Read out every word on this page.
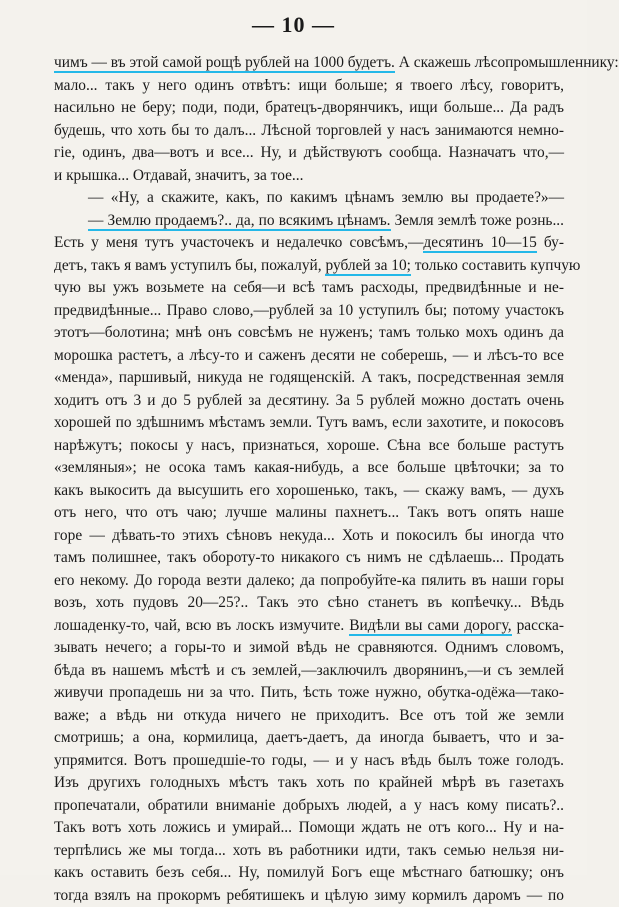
— 10 —
чимъ — въ этой самой рощѣ рублей на 1000 будетъ. А скажешь лѣсопромышленнику:
мало... такъ у него одинъ отвѣтъ: ищи больше; я твоего лѣсу, говоритъ,
насильно не беру; поди, поди, братецъ-дворянчикъ, ищи больше... Да радъ
будешь, что хоть бы то далъ... Лѣсной торговлей у насъ занимаются немно-
гіе, одинъ, два—вотъ и все... Ну, и дѣйствуютъ сообща. Назначатъ что,—
и крышка... Отдавай, значитъ, за тое...
— «Ну, а скажите, какъ, по какимъ цѣнамъ землю вы продаете?»—
— Землю продаемъ?.. да, по всякимъ цѣнамъ. Земля землѣ тоже рознь...
Есть у меня тутъ участочекъ и недалечко совсѣмъ,—десятинъ 10—15 бу-
детъ, такъ я вамъ уступилъ бы, пожалуй, рублей за 10; только составить купчую
чую вы ужъ возьмете на себя—и всѣ тамъ расходы, предвидѣнные и не-
предвидѣнные... Право слово,—рублей за 10 уступилъ бы; потому участокъ
этотъ—болотина; мнѣ онъ совсѣмъ не нуженъ; тамъ только мохъ одинъ да
морошка растетъ, а лѣсу-то и саженъ десяти не соберешь, — и лѣсъ-то все
«менда», паршивый, никуда не годященскій. А такъ, посредственная земля
ходитъ отъ 3 и до 5 рублей за десятину. За 5 рублей можно достать очень
хорошей по здѣшнимъ мѣстамъ земли. Тутъ вамъ, если захотите, и покосовъ
нарѣжутъ; покосы у насъ, признаться, хороше. Сѣна все больше растутъ
«земляныя»; не осока тамъ какая-нибудь, а все больше цвѣточки; за то
какъ выкосить да высушить его хорошенько, такъ, — скажу вамъ, — духъ
отъ него, что отъ чаю; лучше малины пахнетъ... Такъ вотъ опять наше
горе — дѣвать-то этихъ сѣновъ некуда... Хоть и покосилъ бы иногда что
тамъ полишнее, такъ обороту-то никакого съ нимъ не сдѣлаешь... Продать
его некому. До города везти далеко; да попробуйте-ка пялить въ наши горы
возъ, хоть пудовъ 20—25?.. Такъ это сѣно станетъ въ копѣечку... Вѣдь
лошаденку-то, чай, всю въ лоскъ измучите. Видѣли вы сами дорогу, расска-
зывать нечего; а горы-то и зимой вѣдь не сравняются. Однимъ словомъ,
бѣда въ нашемъ мѣстѣ и съ землей,—заключилъ дворянинъ,—и съ землей
живучи пропадешь ни за что. Пить, ѣсть тоже нужно, обутка-одёжа—тако-
важе; а вѣдь ни откуда ничего не приходитъ. Все отъ той же земли
смотришь; а она, кормилица, даетъ-даетъ, да иногда бываетъ, что и за-
упрямится. Вотъ прошедшіе-то годы, — и у насъ вѣдь былъ тоже голодъ.
Изъ другихъ голодныхъ мѣстъ такъ хоть по крайней мѣрѣ въ газетахъ
пропечатали, обратили вниманіе добрыхъ людей, а у насъ кому писать?..
Такъ вотъ хоть ложись и умирай... Помощи ждать не отъ кого... Ну и на-
терпѣлись же мы тогда... хоть въ работники идти, такъ семью нельзя ни-
какъ оставить безъ себя... Ну, помилуй Богъ еще мѣстнаго батюшку; онъ
тогда взялъ на прокормъ ребятишекъ и цѣлую зиму кормилъ даромъ — по
